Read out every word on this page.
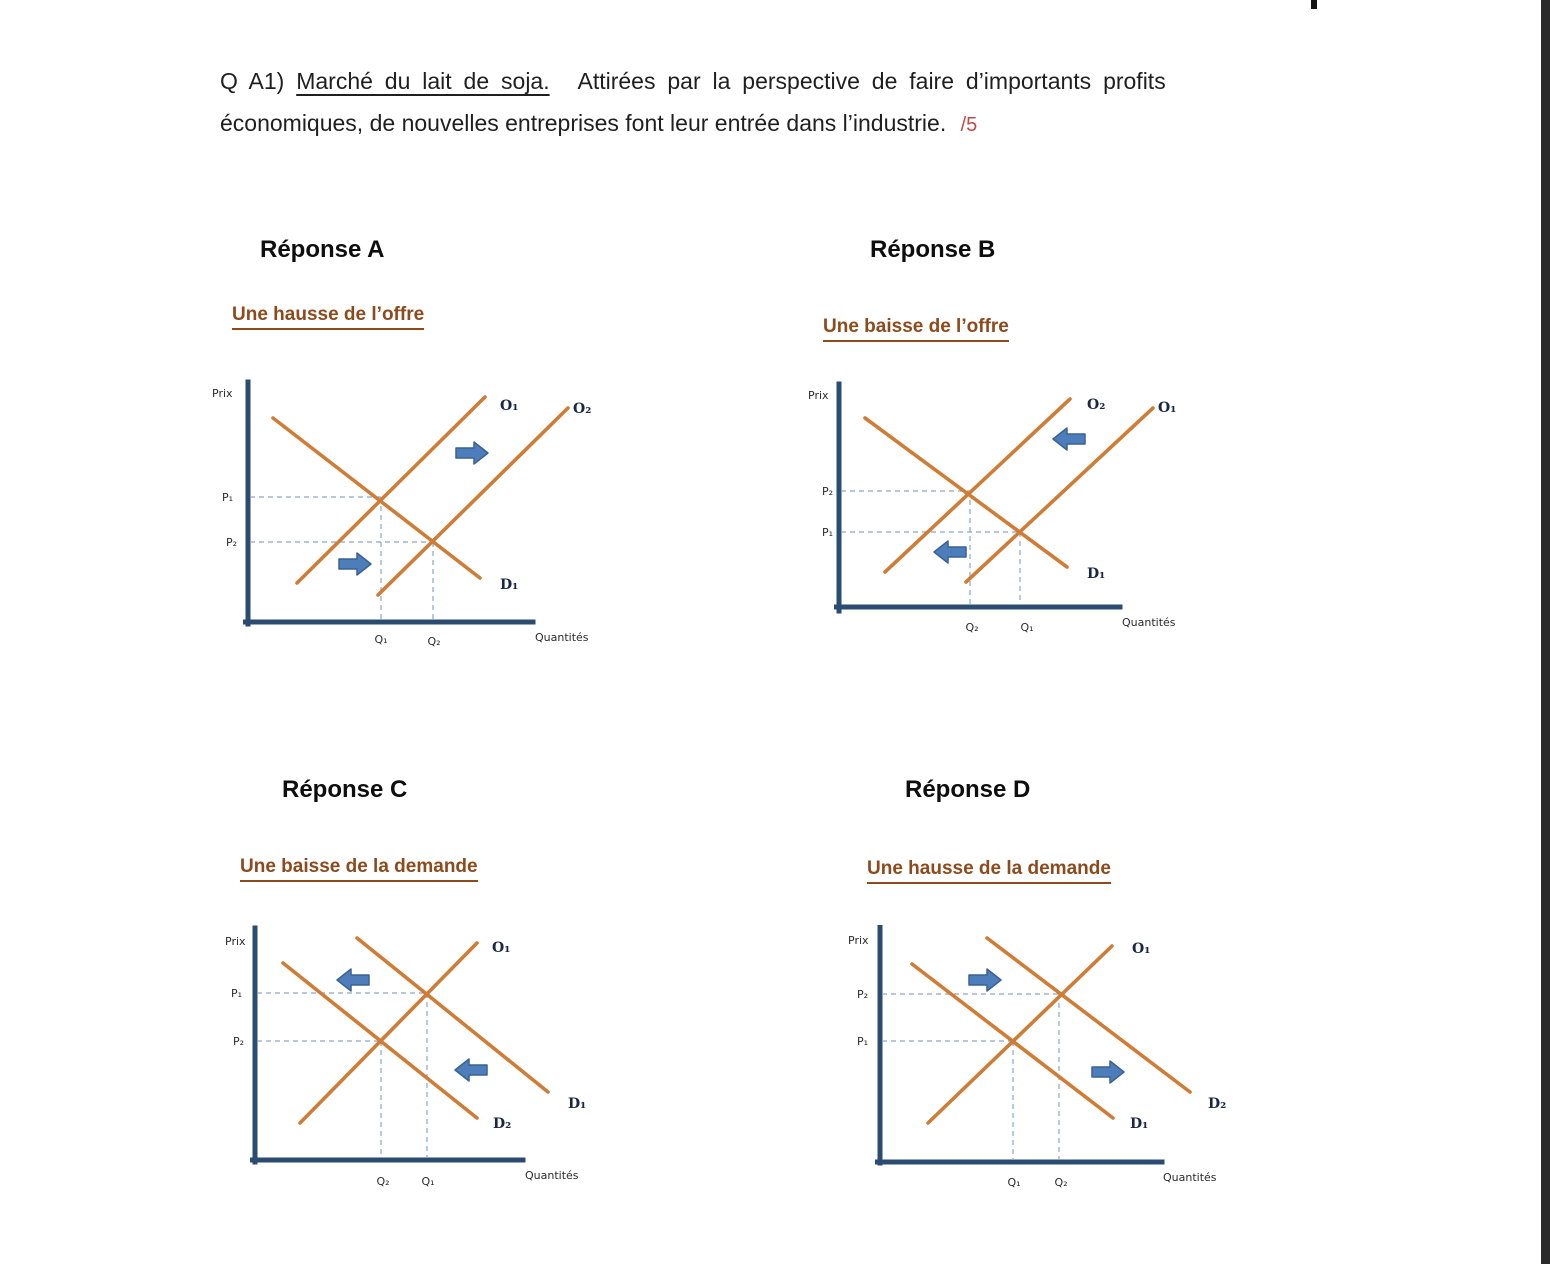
Q A1) Marché du lait de soja. Attirées par la perspective de faire d’importants profits
économiques, de nouvelles entreprises font leur entrée dans l’industrie. /5
Réponse A
Une hausse de l’offre
Prix
Quantités
P₁
P₂
Q₁	Q₂
O₁	O₂
D₁
Réponse B
Une baisse de l’offre
Prix
Quantités
P₂
P₁
Q₂	Q₁
O₂	O₁
D₁
Réponse C
Une baisse de la demande
Prix
Quantités
P₁
P₂
Q₂	Q₁
O₁
D₁
D₂
Réponse D
Une hausse de la demande
Prix
Quantités
P₂
P₁
Q₁	Q₂
O₁
D₁
D₂
